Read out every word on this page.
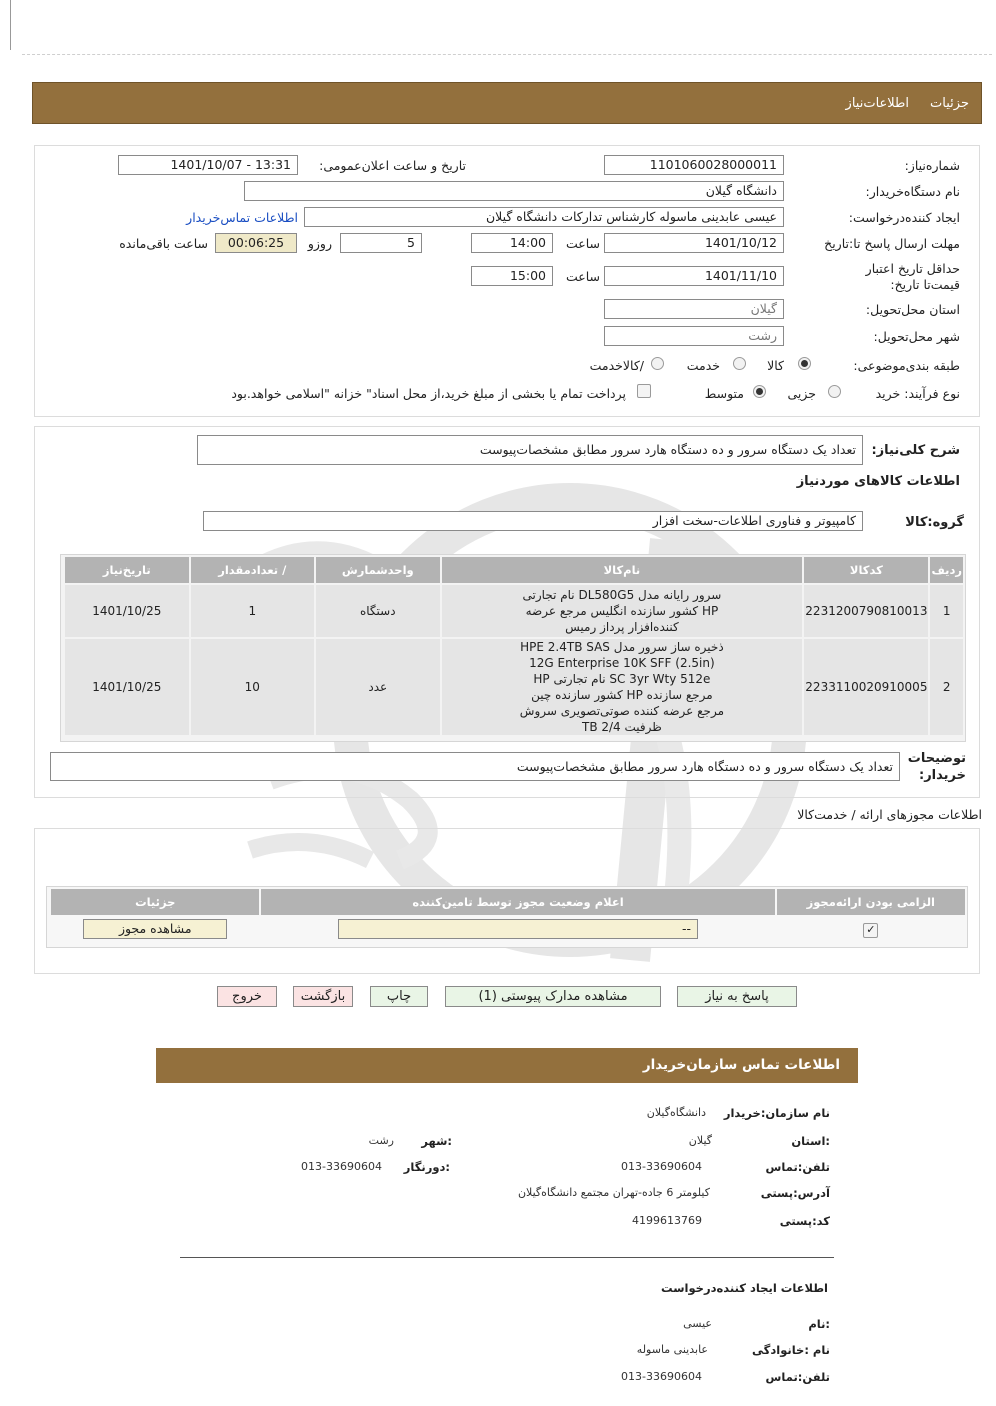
جزئیات
اطلاعات‌نیاز
شماره‌نیاز:
1101060028000011
تاریخ و ساعت اعلان‌عمومی:
1401/10/07 - 13:31
نام دستگاه‌خریدار:
دانشگاه گیلان
ایجاد کننده‌درخواست:
عیسی عابدینی ماسوله کارشناس تدارکات دانشگاه گیلان
اطلاعات تماس‌خریدار
مهلت ارسال پاسخ تا:تاریخ
1401/10/12
ساعت
14:00
5
روزو
00:06:25
ساعت باقی‌مانده
حداقل تاریخ اعتبار قیمت‌تا تاریخ:
1401/11/10
ساعت
15:00
استان محل‌تحویل:
گیلان
شهر محل‌تحویل:
رشت
طبقه بندی‌موضوعی:
کالا
خدمت
/کالاخدمت
نوع فرآیند: خرید
جزیی
متوسط
پرداخت تمام یا بخشی از مبلغ خرید،از محل اسناد" خزانه "اسلامی خواهد.بود
شرح کلی‌نیاز:
تعداد یک دستگاه سرور و ده دستگاه هارد سرور مطابق مشخصات‌پیوست
اطلاعات کالاهای موردنیاز
گروه:کالا
کامپیوتر و فناوری اطلاعات-سخت افزار
ردیف	کدکالا	نام‌کالا	واحدشمارش	/ تعدادمقدار	تاریخ‌نیاز
1	2231200790810013	سرور رایانه مدل DL580G5 نام تجارتی HP کشور سازنده انگلیس مرجع عرضه کننده‌افزار پرداز رمیس	دستگاه	1	1401/10/25
2	2233110020910005	ذخیره ساز سرور مدل HPE 2.4TB SAS 12G Enterprise 10K SFF (2.5in) SC 3yr Wty 512e نام تجارتی HP مرجع سازنده HP کشور سازنده چین مرجع عرضه کننده صوتی‌تصویری سروش ظرفیت 2/4 TB	عدد	10	1401/10/25
توضیحات خریدار:
تعداد یک دستگاه سرور و ده دستگاه هارد سرور مطابق مشخصات‌پیوست
اطلاعات مجوزهای ارائه / خدمت‌کالا
الزامی بودن ارائه‌مجوز	اعلام وضعیت مجوز توسط تامین‌کننده	جزئیات
✓	--	مشاهده مجوز
پاسخ به نیاز
مشاهده مدارک پیوستی (1)
چاپ
بازگشت
خروج
اطلاعات تماس سازمان‌خریدار
نام سازمان:خریدار
دانشگاه‌گیلان
:استان
گیلان
:شهر
رشت
تلفن:تماس
013-33690604
:دورنگار
013-33690604
آدرس:پستی
کیلومتر 6 جاده-تهران مجتمع دانشگاه‌گیلان
کد:پستی
4199613769
اطلاعات ایجاد کننده‌درخواست
:نام
عیسی
نام :خانوادگی
عابدینی ماسوله
تلفن:تماس
013-33690604
